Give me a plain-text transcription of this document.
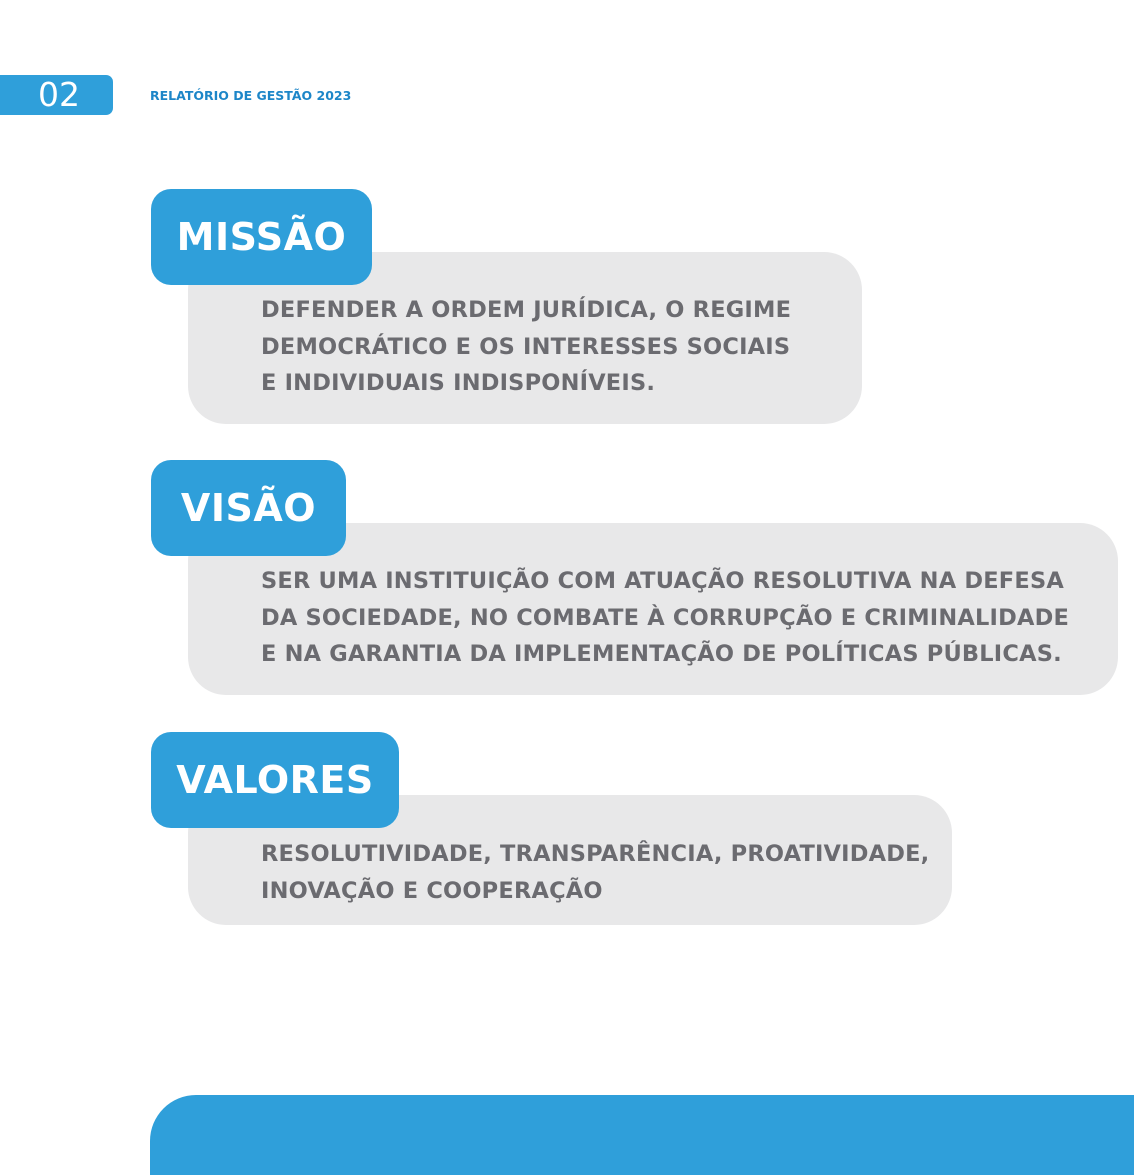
02	RELATÓRIO DE GESTÃO 2023

DEFENDER A ORDEM JURÍDICA, O REGIME
DEMOCRÁTICO E OS INTERESSES SOCIAIS
E INDIVIDUAIS INDISPONÍVEIS.

MISSÃO

SER UMA INSTITUIÇÃO COM ATUAÇÃO RESOLUTIVA NA DEFESA
DA SOCIEDADE, NO COMBATE À CORRUPÇÃO E CRIMINALIDADE
E NA GARANTIA DA IMPLEMENTAÇÃO DE POLÍTICAS PÚBLICAS.

VISÃO

RESOLUTIVIDADE, TRANSPARÊNCIA, PROATIVIDADE,
INOVAÇÃO E COOPERAÇÃO

VALORES
